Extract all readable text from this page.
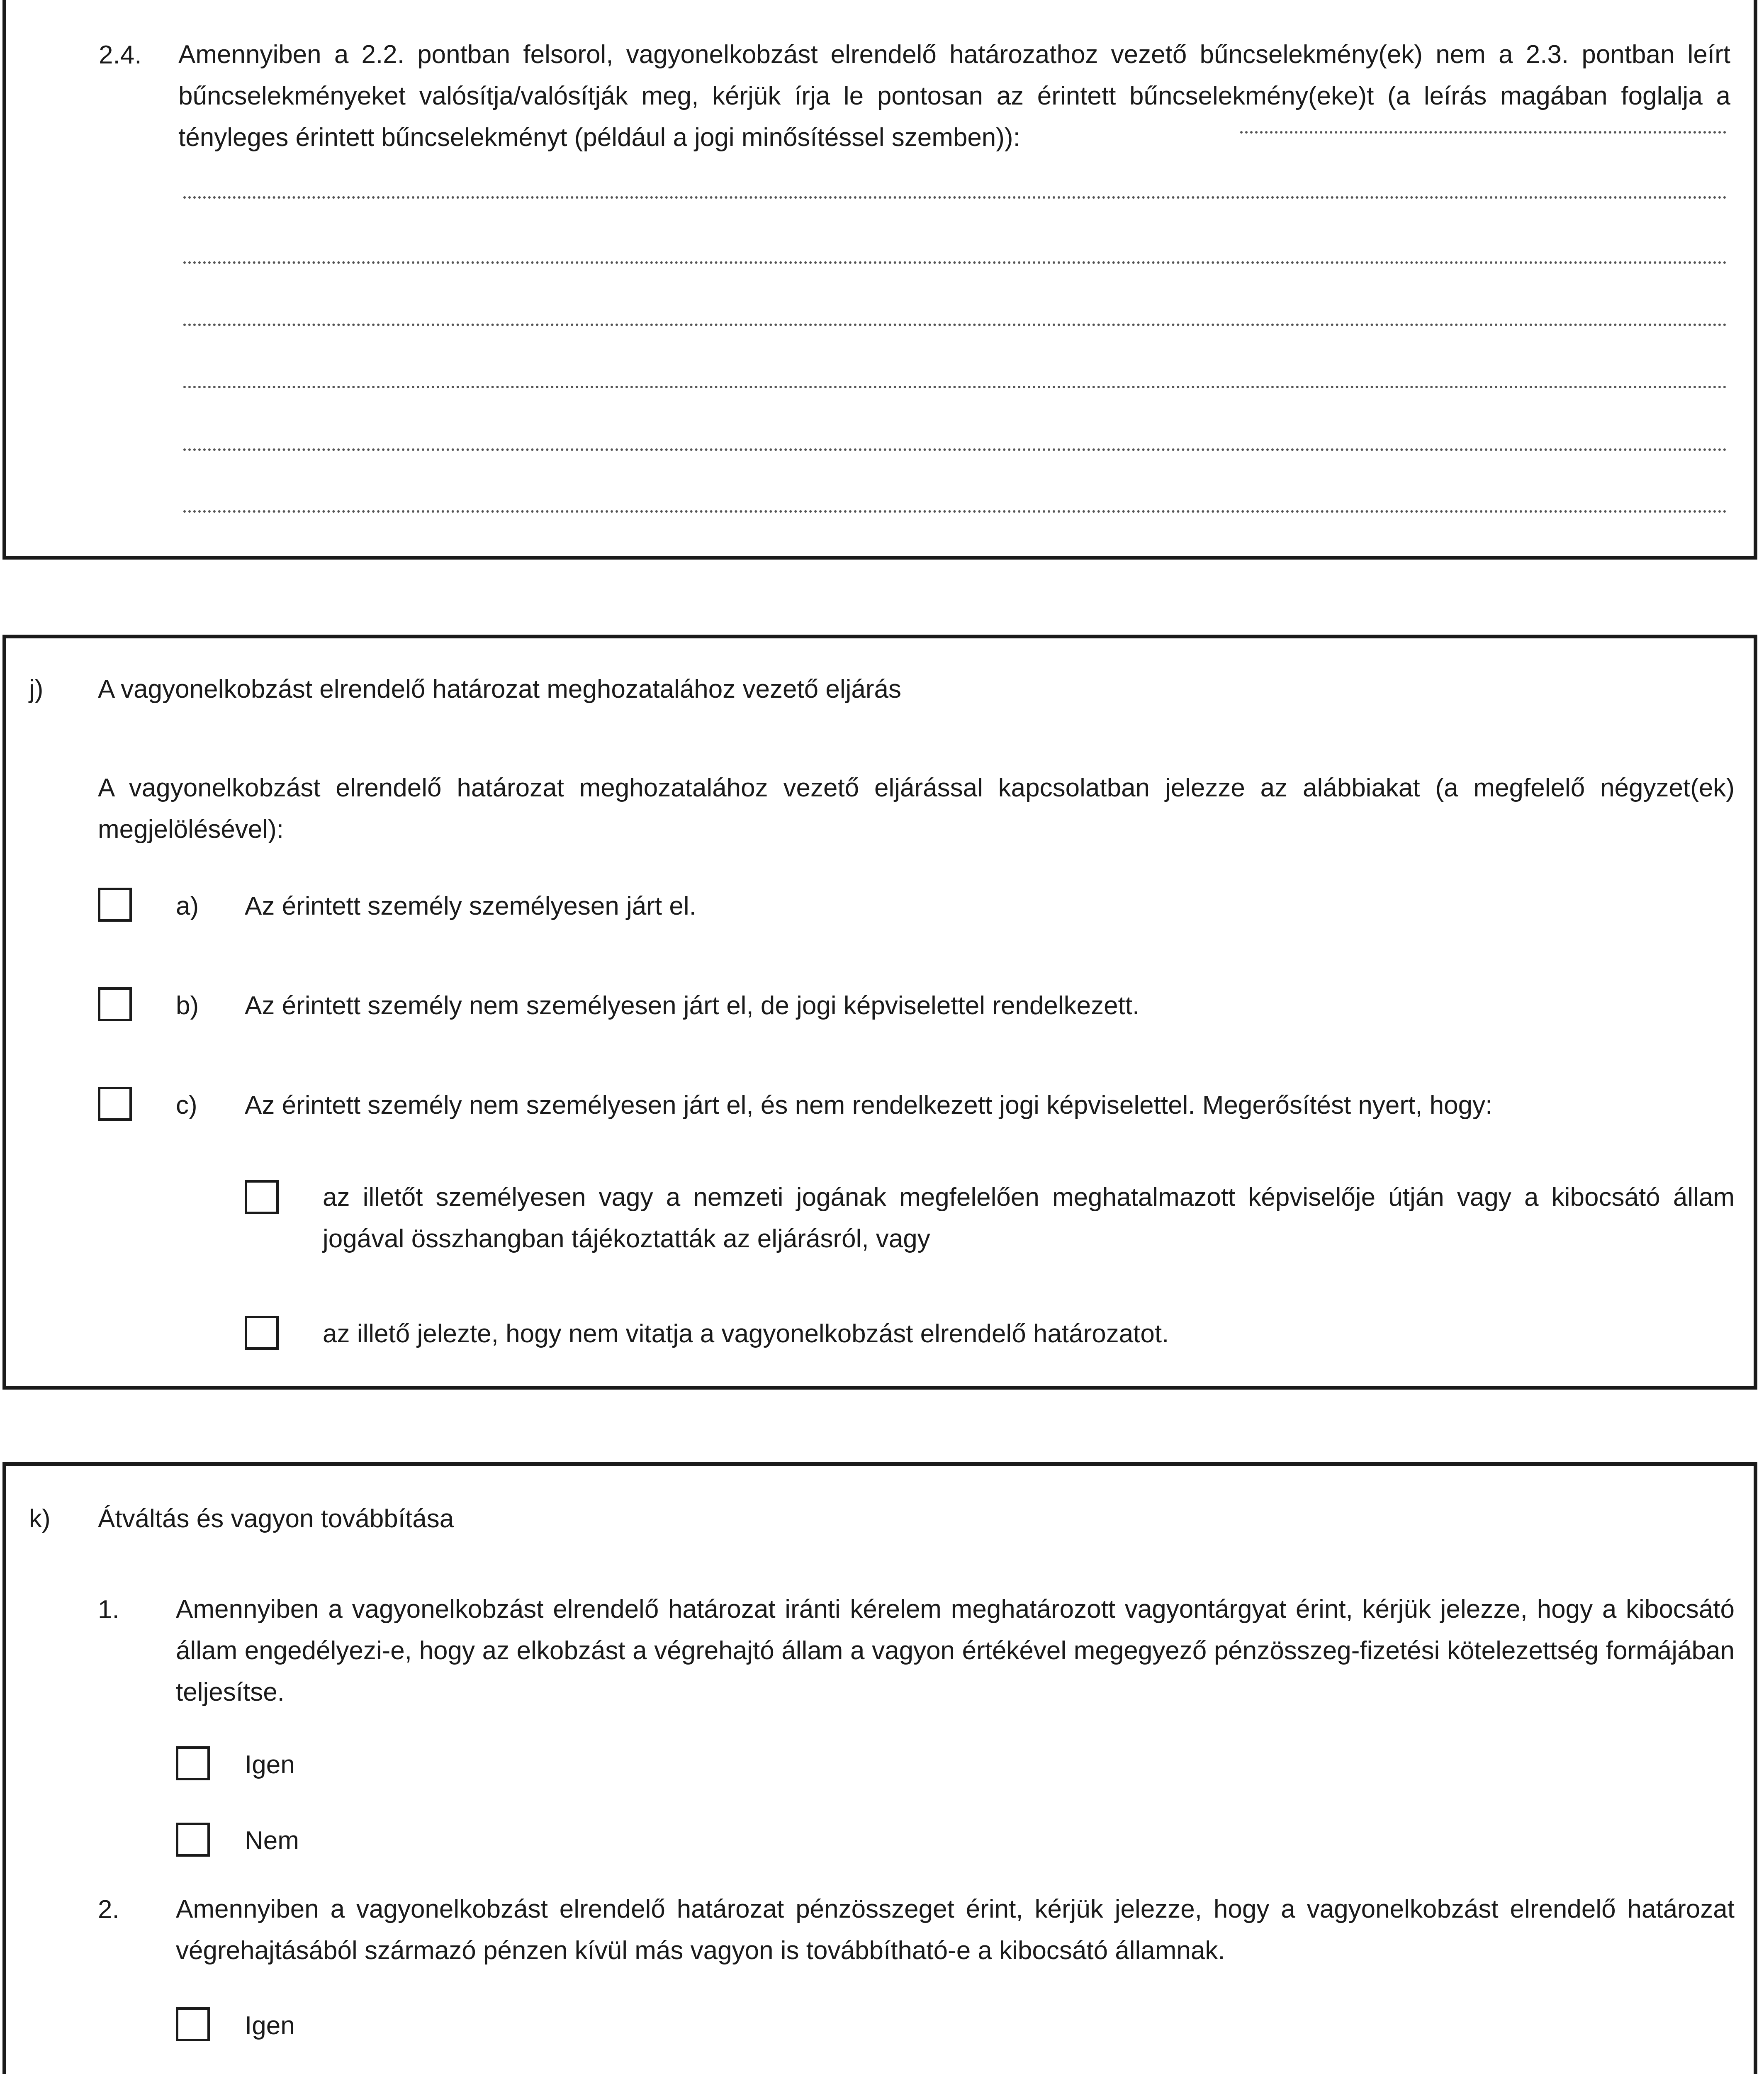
2.4. Amennyiben a 2.2. pontban felsorol, vagyonelkobzást elrendelő határozathoz vezető bűncselekmény(ek) nem a 2.3. pontban leírt bűncselekményeket valósítja/valósítják meg, kérjük írja le pontosan az érintett bűncselekmény(eke)t (a leírás magában foglalja a tényleges érintett bűncselekményt (például a jogi minősítéssel szemben)):
j) A vagyonelkobzást elrendelő határozat meghozatalához vezető eljárás
A vagyonelkobzást elrendelő határozat meghozatalához vezető eljárással kapcsolatban jelezze az alábbiakat (a megfelelő négyzet(ek) megjelölésével):
a) Az érintett személy személyesen járt el.
b) Az érintett személy nem személyesen járt el, de jogi képviselettel rendelkezett.
c) Az érintett személy nem személyesen járt el, és nem rendelkezett jogi képviselettel. Megerősítést nyert, hogy:
az illetőt személyesen vagy a nemzeti jogának megfelelően meghatalmazott képviselője útján vagy a kibocsátó állam jogával összhangban tájékoztatták az eljárásról, vagy
az illető jelezte, hogy nem vitatja a vagyonelkobzást elrendelő határozatot.
k) Átváltás és vagyon továbbítása
1. Amennyiben a vagyonelkobzást elrendelő határozat iránti kérelem meghatározott vagyontárgyat érint, kérjük jelezze, hogy a kibocsátó állam engedélyezi-e, hogy az elkobzást a végrehajtó állam a vagyon értékével megegyező pénzösszeg-fizetési kötelezettség formájában teljesítse.
Igen
Nem
2. Amennyiben a vagyonelkobzást elrendelő határozat pénzösszeget érint, kérjük jelezze, hogy a vagyonelkobzást elrendelő határozat végrehajtásából származó pénzen kívül más vagyon is továbbítható-e a kibocsátó államnak.
Igen
